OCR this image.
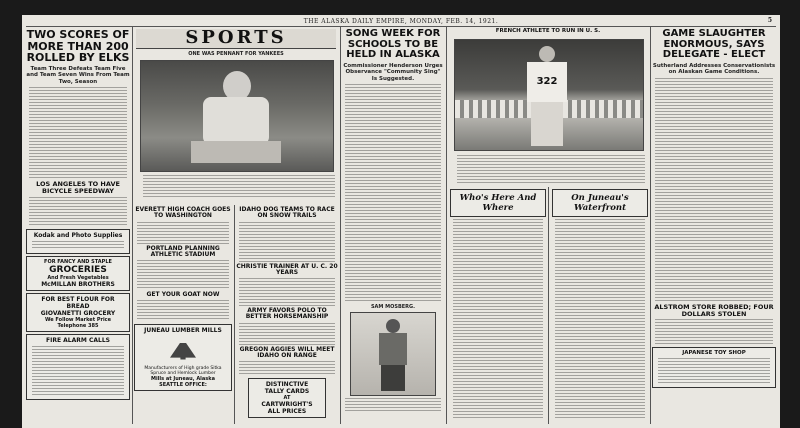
THE ALASKA DAILY EMPIRE, MONDAY, FEB. 14, 1921.	5
TWO SCORES OF MORE THAN 200 ROLLED BY ELKS
Team Three Defeats Team Five and Team Seven Wins From Team Two, Season
LOS ANGELES TO HAVE BICYCLE SPEEDWAY
Kodak and Photo Supplies
FOR FANCY AND STAPLE
GROCERIES
And Fresh Vegetables
McMILLAN BROTHERS
FOR BEST FLOUR FOR
BREAD
GIOVANETTI GROCERY
We Follow Market Price
Telephone 385
FIRE ALARM CALLS
SPORTS
ONE WAS PENNANT FOR YANKEES
EVERETT HIGH COACH GOES TO WASHINGTON
PORTLAND PLANNING ATHLETIC STADIUM
GET YOUR GOAT NOW
JUNEAU LUMBER MILLS
Manufacturers of High grade Sitka Spruce and Hemlock Lumber
Mills at Juneau, Alaska
SEATTLE OFFICE:
IDAHO DOG TEAMS TO RACE ON SNOW TRAILS
CHRISTIE TRAINER AT U. C. 20 YEARS
ARMY FAVORS POLO TO BETTER HORSEMANSHIP
GREGON AGGIES WILL MEET IDAHO ON RANGE
DISTINCTIVE
TALLY CARDS
AT
CARTWRIGHT'S
ALL PRICES
SONG WEEK FOR SCHOOLS TO BE HELD IN ALASKA
Commissioner Henderson Urges Observance "Community Sing" Is Suggested.
SAM MOSBERG.
FRENCH ATHLETE TO RUN IN U. S.
322
Who's Here And Where
On Juneau's Waterfront
GAME SLAUGHTER ENORMOUS, SAYS DELEGATE - ELECT
Sutherland Addresses Conservationists on Alaskan Game Conditions.
ALSTROM STORE ROBBED; FOUR DOLLARS STOLEN
JAPANESE TOY SHOP
